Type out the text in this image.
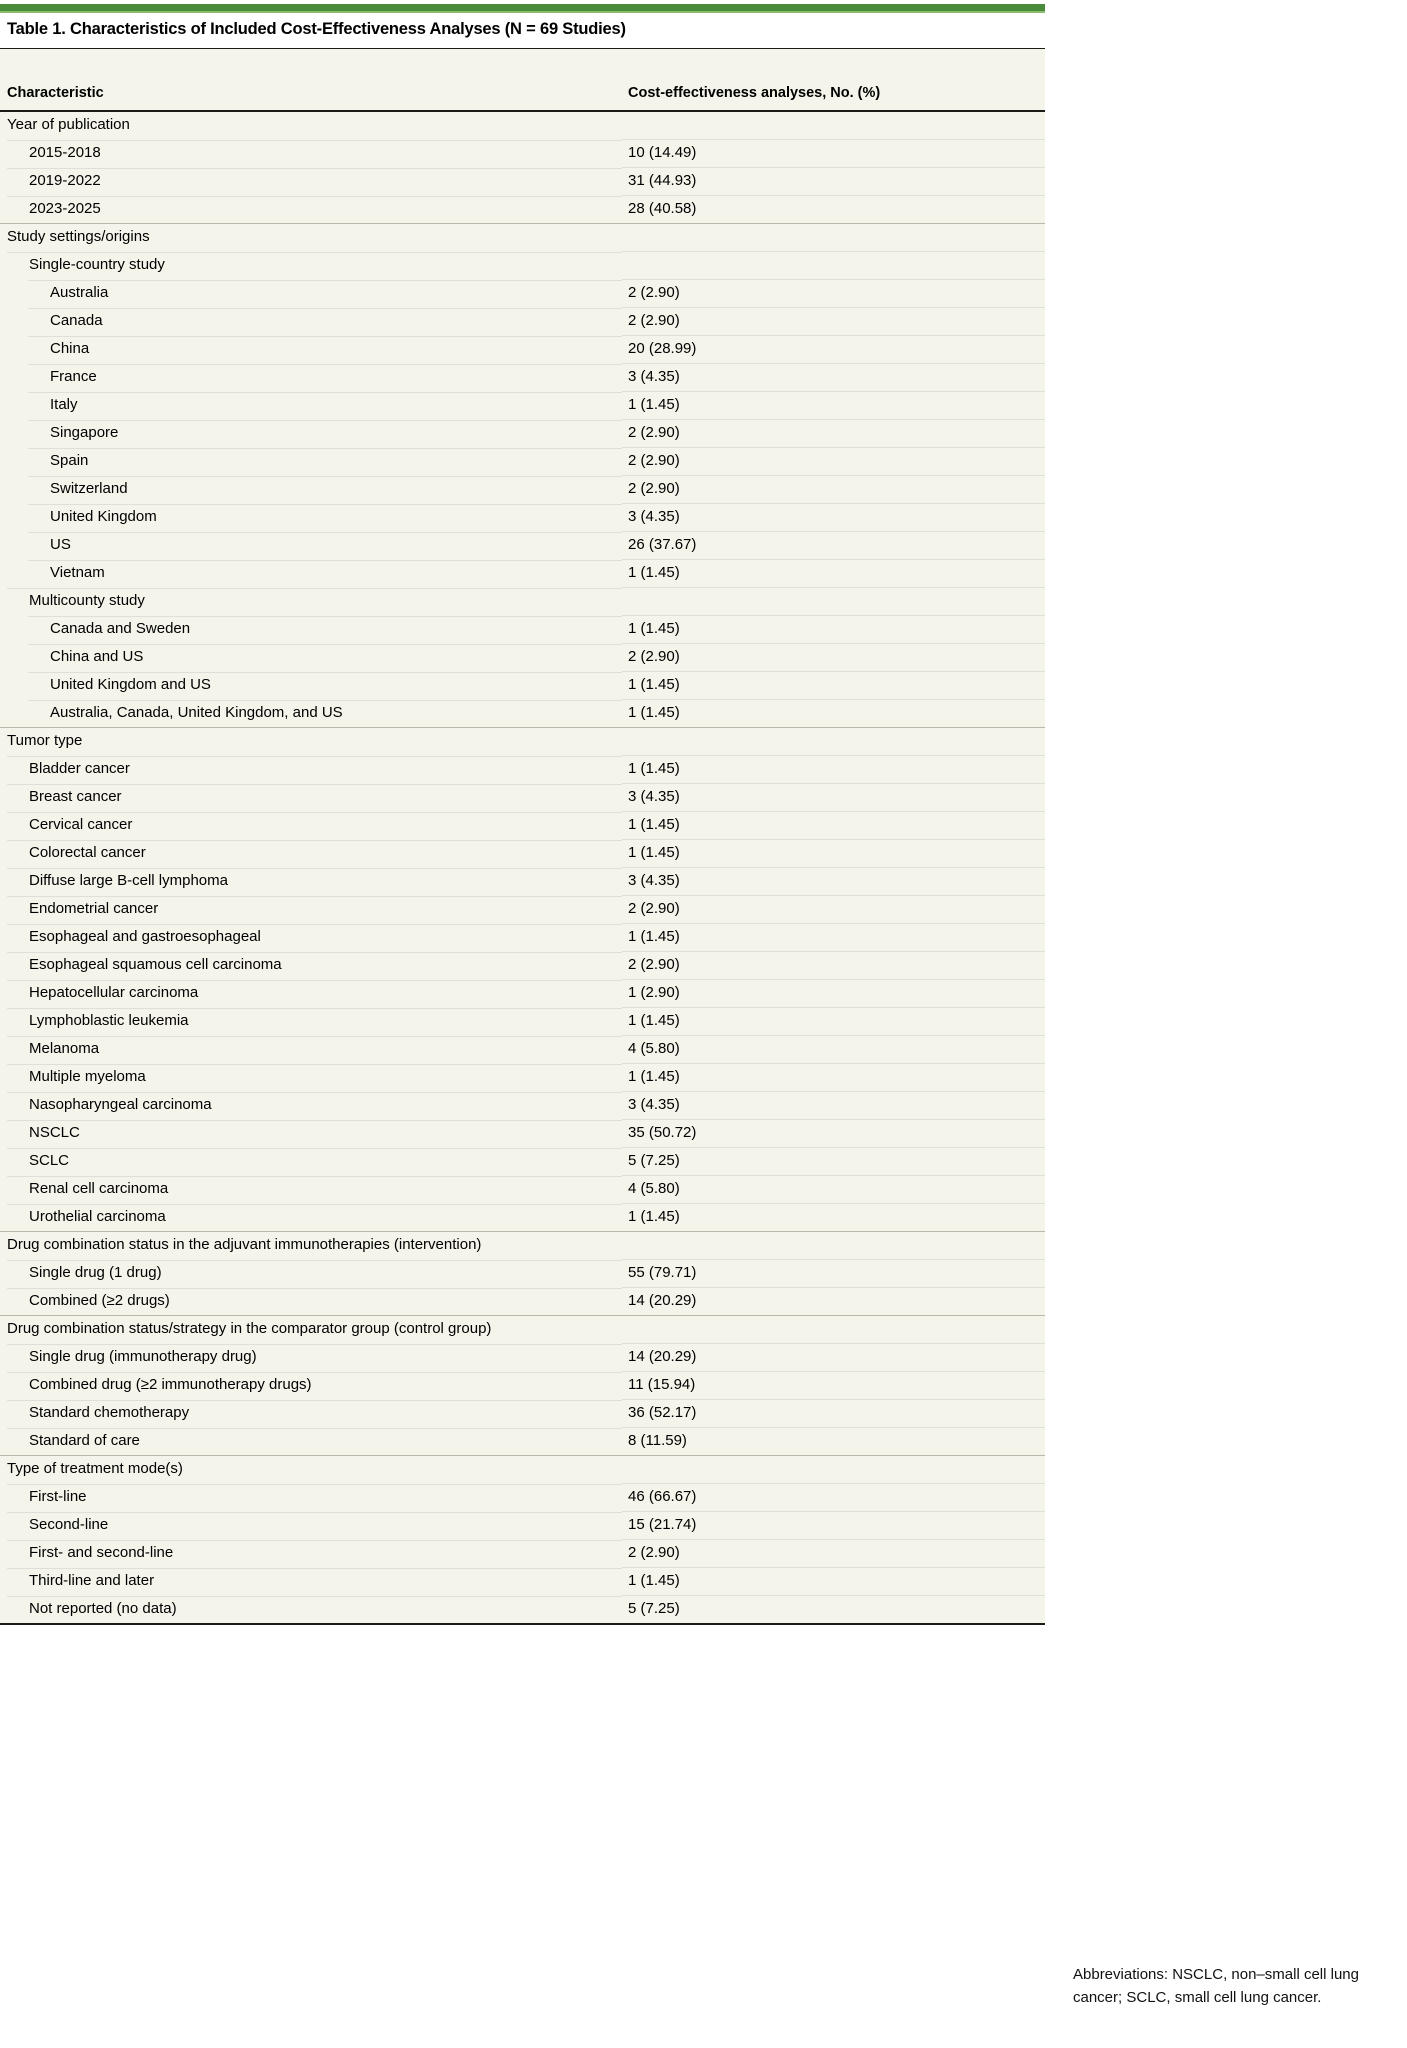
Table 1. Characteristics of Included Cost-Effectiveness Analyses (N = 69 Studies)
Characteristic	Cost-effectiveness analyses, No. (%)
Year of publication	
2015-2018	10 (14.49)
2019-2022	31 (44.93)
2023-2025	28 (40.58)
Study settings/origins	
Single-country study	
Australia	2 (2.90)
Canada	2 (2.90)
China	20 (28.99)
France	3 (4.35)
Italy	1 (1.45)
Singapore	2 (2.90)
Spain	2 (2.90)
Switzerland	2 (2.90)
United Kingdom	3 (4.35)
US	26 (37.67)
Vietnam	1 (1.45)
Multicounty study	
Canada and Sweden	1 (1.45)
China and US	2 (2.90)
United Kingdom and US	1 (1.45)
Australia, Canada, United Kingdom, and US	1 (1.45)
Tumor type	
Bladder cancer	1 (1.45)
Breast cancer	3 (4.35)
Cervical cancer	1 (1.45)
Colorectal cancer	1 (1.45)
Diffuse large B-cell lymphoma	3 (4.35)
Endometrial cancer	2 (2.90)
Esophageal and gastroesophageal	1 (1.45)
Esophageal squamous cell carcinoma	2 (2.90)
Hepatocellular carcinoma	1 (2.90)
Lymphoblastic leukemia	1 (1.45)
Melanoma	4 (5.80)
Multiple myeloma	1 (1.45)
Nasopharyngeal carcinoma	3 (4.35)
NSCLC	35 (50.72)
SCLC	5 (7.25)
Renal cell carcinoma	4 (5.80)
Urothelial carcinoma	1 (1.45)
Drug combination status in the adjuvant immunotherapies (intervention)	
Single drug (1 drug)	55 (79.71)
Combined (≥2 drugs)	14 (20.29)
Drug combination status/strategy in the comparator group (control group)	
Single drug (immunotherapy drug)	14 (20.29)
Combined drug (≥2 immunotherapy drugs)	11 (15.94)
Standard chemotherapy	36 (52.17)
Standard of care	8 (11.59)
Type of treatment mode(s)	
First-line	46 (66.67)
Second-line	15 (21.74)
First- and second-line	2 (2.90)
Third-line and later	1 (1.45)
Not reported (no data)	5 (7.25)
Abbreviations: NSCLC, non–small cell lung cancer; SCLC, small cell lung cancer.
